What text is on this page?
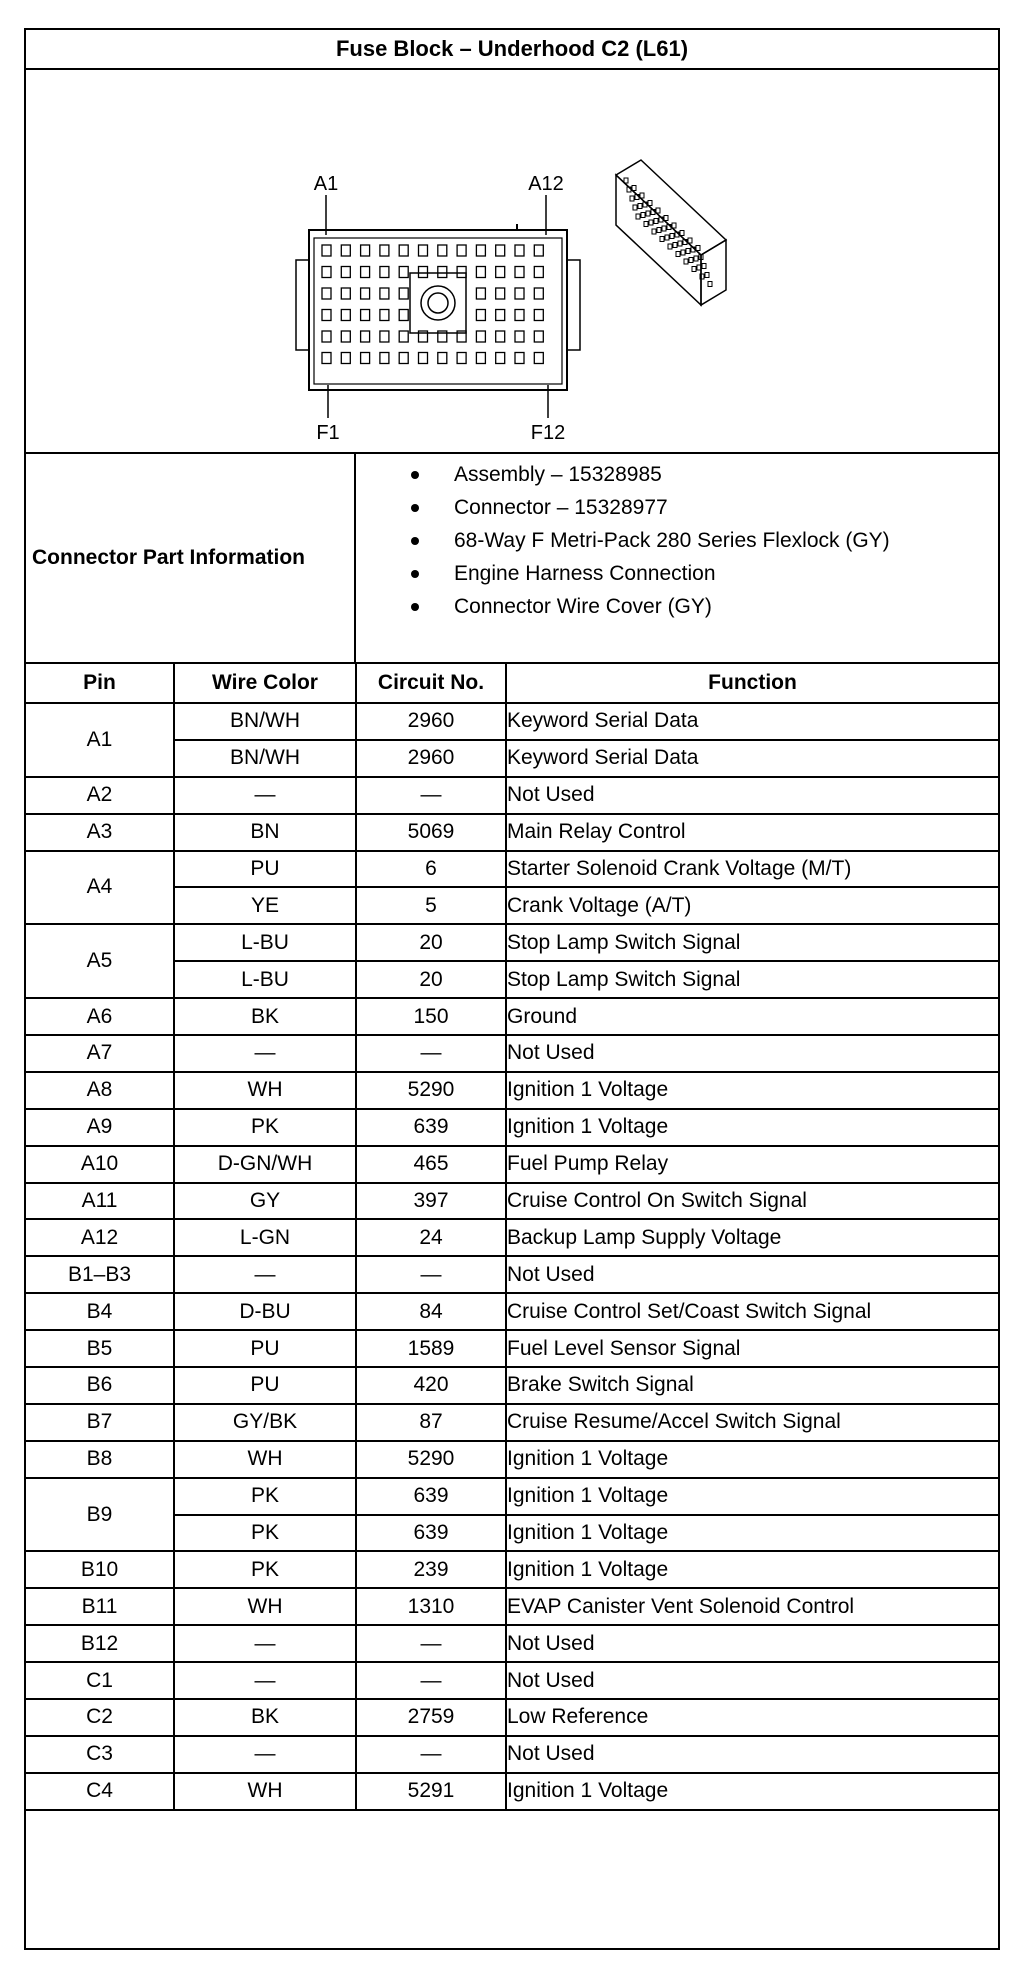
Fuse Block – Underhood C2 (L61)
A1	A12
F1	F12
Connector Part Information
Assembly – 15328985
Connector – 15328977
68-Way F Metri-Pack 280 Series Flexlock (GY)
Engine Harness Connection
Connector Wire Cover (GY)
Pin	Wire Color	Circuit No.	Function
A1	BN/WH	2960	Keyword Serial Data
	BN/WH	2960	Keyword Serial Data
A2	—	—	Not Used
A3	BN	5069	Main Relay Control
A4	PU	6	Starter Solenoid Crank Voltage (M/T)
	YE	5	Crank Voltage (A/T)
A5	L-BU	20	Stop Lamp Switch Signal
	L-BU	20	Stop Lamp Switch Signal
A6	BK	150	Ground
A7	—	—	Not Used
A8	WH	5290	Ignition 1 Voltage
A9	PK	639	Ignition 1 Voltage
A10	D-GN/WH	465	Fuel Pump Relay
A11	GY	397	Cruise Control On Switch Signal
A12	L-GN	24	Backup Lamp Supply Voltage
B1–B3	—	—	Not Used
B4	D-BU	84	Cruise Control Set/Coast Switch Signal
B5	PU	1589	Fuel Level Sensor Signal
B6	PU	420	Brake Switch Signal
B7	GY/BK	87	Cruise Resume/Accel Switch Signal
B8	WH	5290	Ignition 1 Voltage
B9	PK	639	Ignition 1 Voltage
	PK	639	Ignition 1 Voltage
B10	PK	239	Ignition 1 Voltage
B11	WH	1310	EVAP Canister Vent Solenoid Control
B12	—	—	Not Used
C1	—	—	Not Used
C2	BK	2759	Low Reference
C3	—	—	Not Used
C4	WH	5291	Ignition 1 Voltage
